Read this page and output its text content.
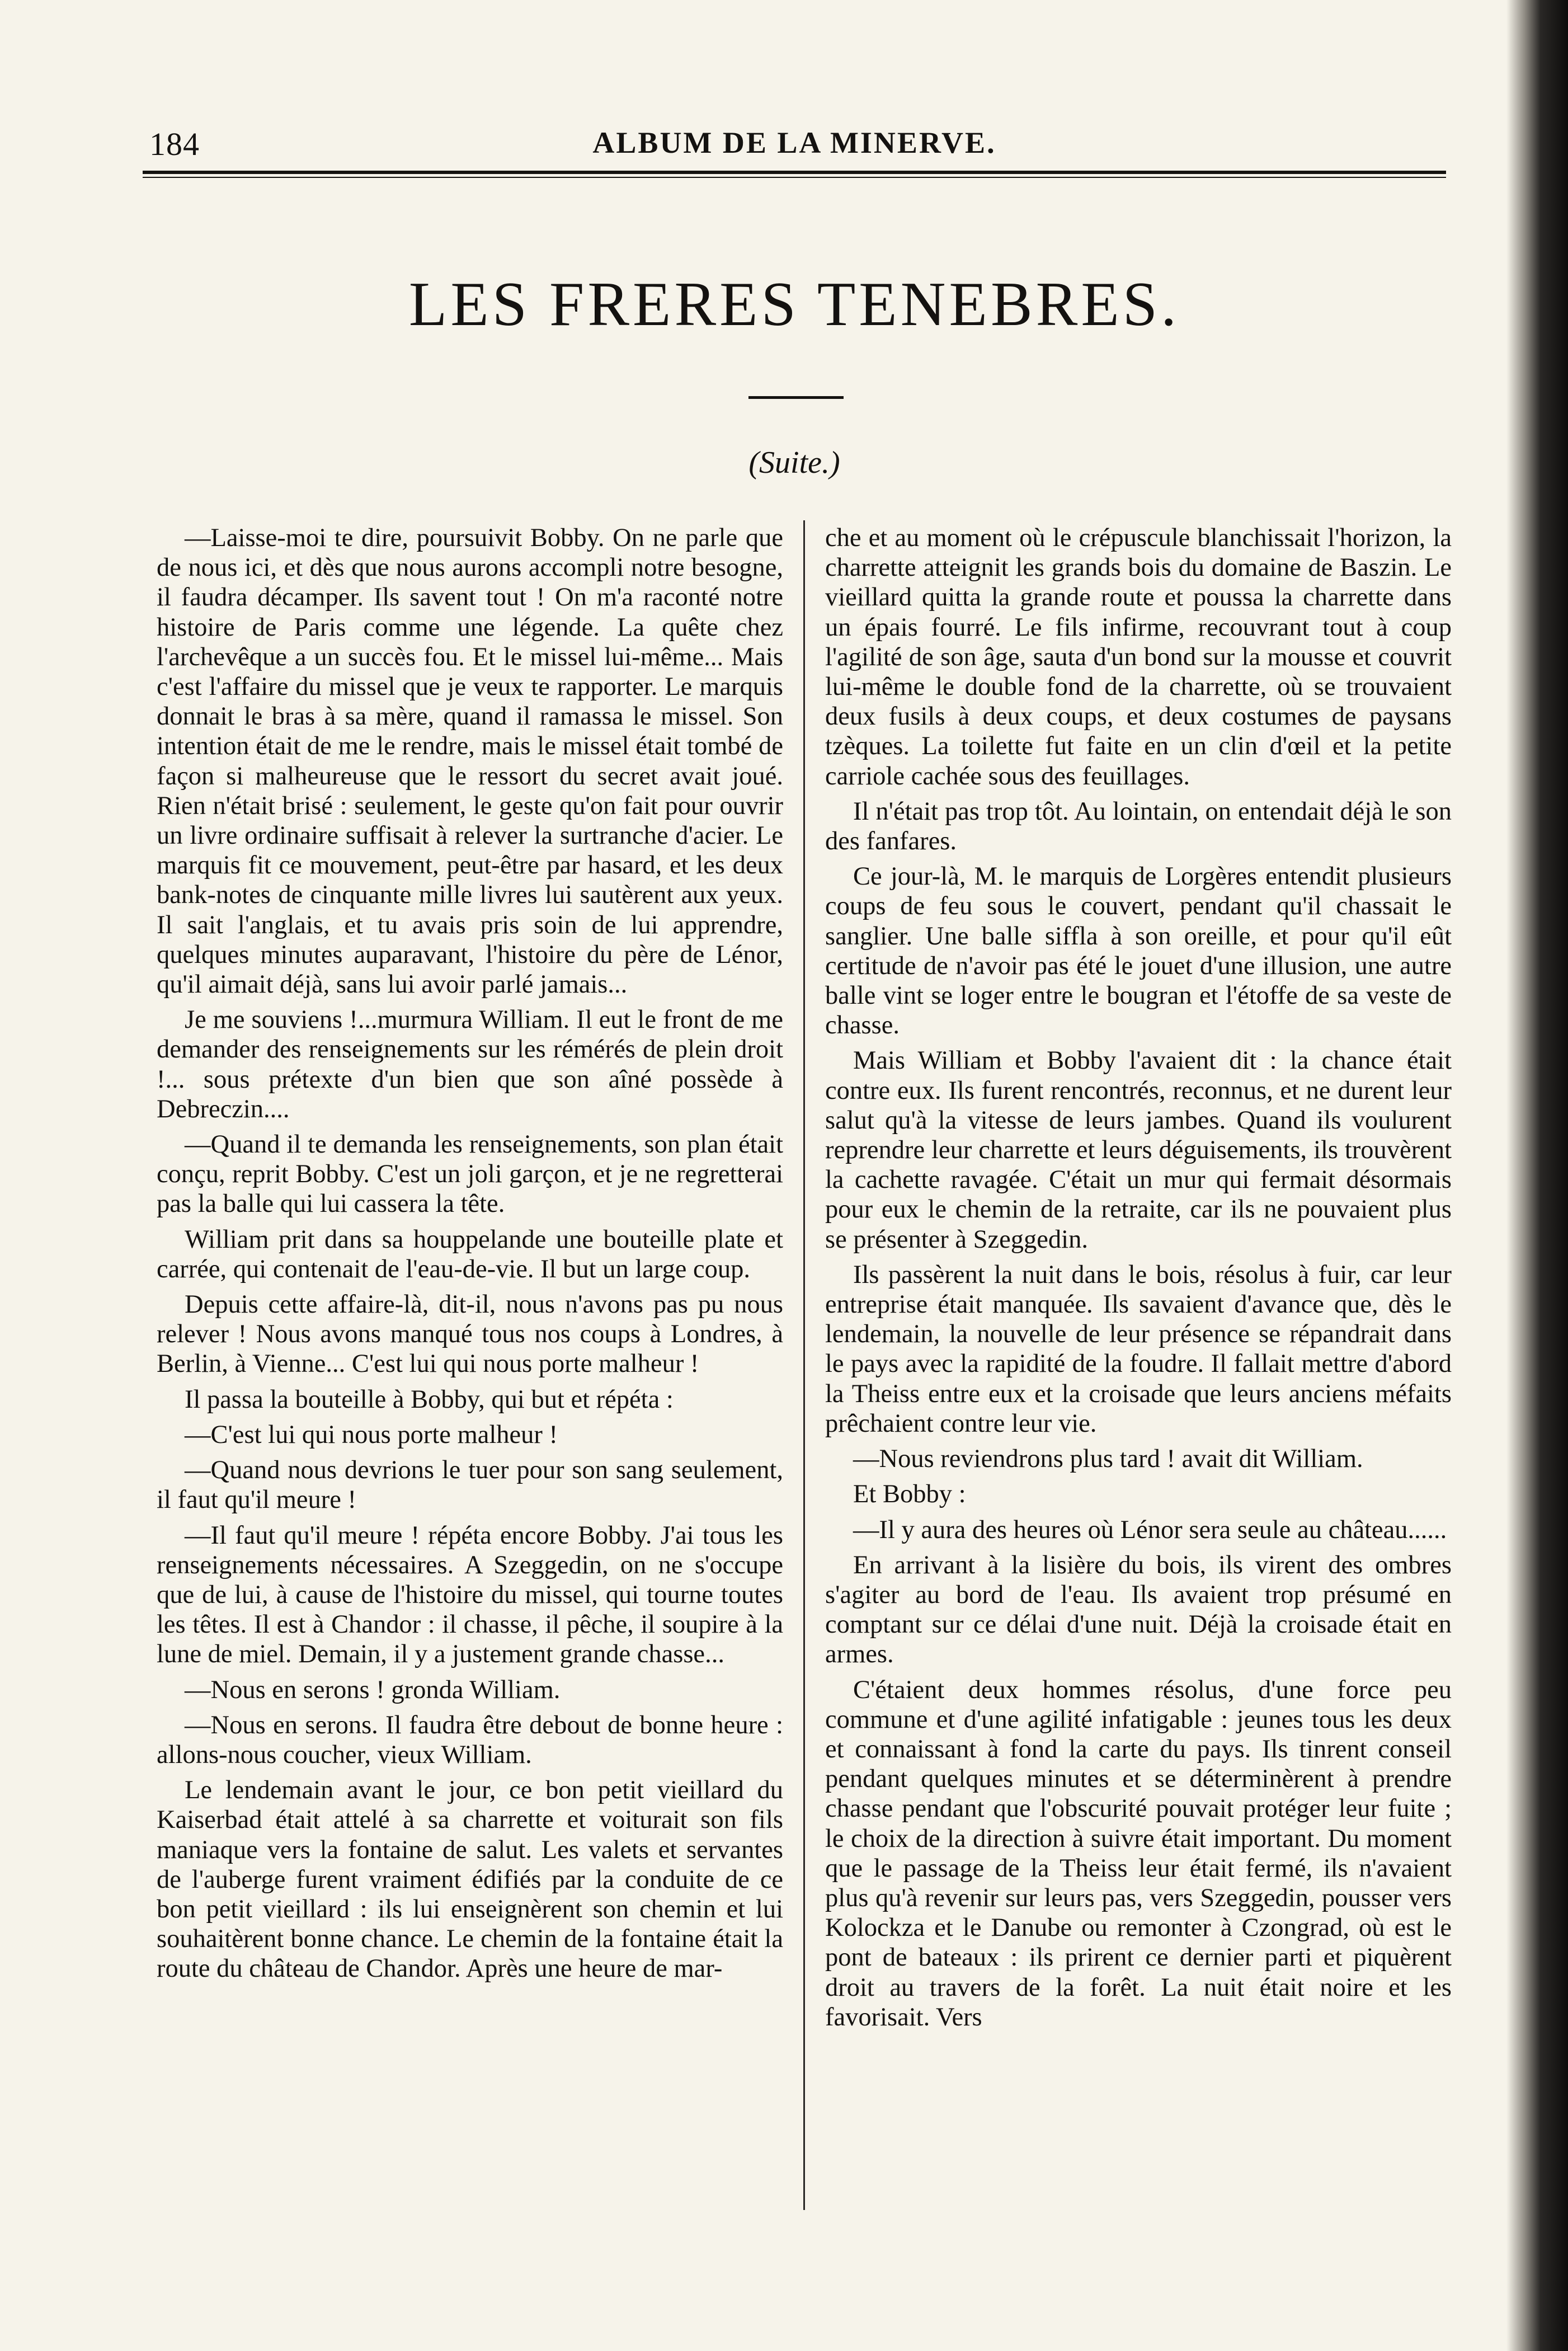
184	ALBUM DE LA MINERVE.
LES FRERES TENEBRES.
(Suite.)

—Laisse-moi te dire, poursuivit Bobby. On ne parle que de nous ici, et dès que nous aurons accompli notre besogne, il faudra décamper. Ils savent tout ! On m'a raconté notre histoire de Paris comme une légende. La quête chez l'archevêque a un succès fou. Et le missel lui-même... Mais c'est l'affaire du missel que je veux te rapporter. Le marquis donnait le bras à sa mère, quand il ramassa le missel. Son intention était de me le rendre, mais le missel était tombé de façon si malheureuse que le ressort du secret avait joué. Rien n'était brisé : seulement, le geste qu'on fait pour ouvrir un livre ordinaire suffisait à relever la surtranche d'acier. Le marquis fit ce mouvement, peut-être par hasard, et les deux bank-notes de cinquante mille livres lui sautèrent aux yeux. Il sait l'anglais, et tu avais pris soin de lui apprendre, quelques minutes auparavant, l'histoire du père de Lénor, qu'il aimait déjà, sans lui avoir parlé jamais...

Je me souviens !...murmura William. Il eut le front de me demander des renseignements sur les rémérés de plein droit !... sous prétexte d'un bien que son aîné possède à Debreczin....

—Quand il te demanda les renseignements, son plan était conçu, reprit Bobby. C'est un joli garçon, et je ne regretterai pas la balle qui lui cassera la tête.

William prit dans sa houppelande une bouteille plate et carrée, qui contenait de l'eau-de-vie. Il but un large coup.

Depuis cette affaire-là, dit-il, nous n'avons pas pu nous relever ! Nous avons manqué tous nos coups à Londres, à Berlin, à Vienne... C'est lui qui nous porte malheur !

Il passa la bouteille à Bobby, qui but et répéta :

—C'est lui qui nous porte malheur !

—Quand nous devrions le tuer pour son sang seulement, il faut qu'il meure !

—Il faut qu'il meure ! répéta encore Bobby. J'ai tous les renseignements nécessaires. A Szeggedin, on ne s'occupe que de lui, à cause de l'histoire du missel, qui tourne toutes les têtes. Il est à Chandor : il chasse, il pêche, il soupire à la lune de miel. Demain, il y a justement grande chasse...

—Nous en serons ! gronda William.

—Nous en serons. Il faudra être debout de bonne heure : allons-nous coucher, vieux William.

Le lendemain avant le jour, ce bon petit vieillard du Kaiserbad était attelé à sa charrette et voiturait son fils maniaque vers la fontaine de salut. Les valets et servantes de l'auberge furent vraiment édifiés par la conduite de ce bon petit vieillard : ils lui enseignèrent son chemin et lui souhaitèrent bonne chance. Le chemin de la fontaine était la route du château de Chandor. Après une heure de mar-

che et au moment où le crépuscule blanchissait l'horizon, la charrette atteignit les grands bois du domaine de Baszin. Le vieillard quitta la grande route et poussa la charrette dans un épais fourré. Le fils infirme, recouvrant tout à coup l'agilité de son âge, sauta d'un bond sur la mousse et couvrit lui-même le double fond de la charrette, où se trouvaient deux fusils à deux coups, et deux costumes de paysans tzèques. La toilette fut faite en un clin d'œil et la petite carriole cachée sous des feuillages.

Il n'était pas trop tôt. Au lointain, on entendait déjà le son des fanfares.

Ce jour-là, M. le marquis de Lorgères entendit plusieurs coups de feu sous le couvert, pendant qu'il chassait le sanglier. Une balle siffla à son oreille, et pour qu'il eût certitude de n'avoir pas été le jouet d'une illusion, une autre balle vint se loger entre le bougran et l'étoffe de sa veste de chasse.

Mais William et Bobby l'avaient dit : la chance était contre eux. Ils furent rencontrés, reconnus, et ne durent leur salut qu'à la vitesse de leurs jambes. Quand ils voulurent reprendre leur charrette et leurs déguisements, ils trouvèrent la cachette ravagée. C'était un mur qui fermait désormais pour eux le chemin de la retraite, car ils ne pouvaient plus se présenter à Szeggedin.

Ils passèrent la nuit dans le bois, résolus à fuir, car leur entreprise était manquée. Ils savaient d'avance que, dès le lendemain, la nouvelle de leur présence se répandrait dans le pays avec la rapidité de la foudre. Il fallait mettre d'abord la Theiss entre eux et la croisade que leurs anciens méfaits prêchaient contre leur vie.

—Nous reviendrons plus tard ! avait dit William.

Et Bobby :

—Il y aura des heures où Lénor sera seule au château......

En arrivant à la lisière du bois, ils virent des ombres s'agiter au bord de l'eau. Ils avaient trop présumé en comptant sur ce délai d'une nuit. Déjà la croisade était en armes.

C'étaient deux hommes résolus, d'une force peu commune et d'une agilité infatigable : jeunes tous les deux et connaissant à fond la carte du pays. Ils tinrent conseil pendant quelques minutes et se déterminèrent à prendre chasse pendant que l'obscurité pouvait protéger leur fuite ; le choix de la direction à suivre était important. Du moment que le passage de la Theiss leur était fermé, ils n'avaient plus qu'à revenir sur leurs pas, vers Szeggedin, pousser vers Kolockza et le Danube ou remonter à Czongrad, où est le pont de bateaux : ils prirent ce dernier parti et piquèrent droit au travers de la forêt. La nuit était noire et les favorisait. Vers
